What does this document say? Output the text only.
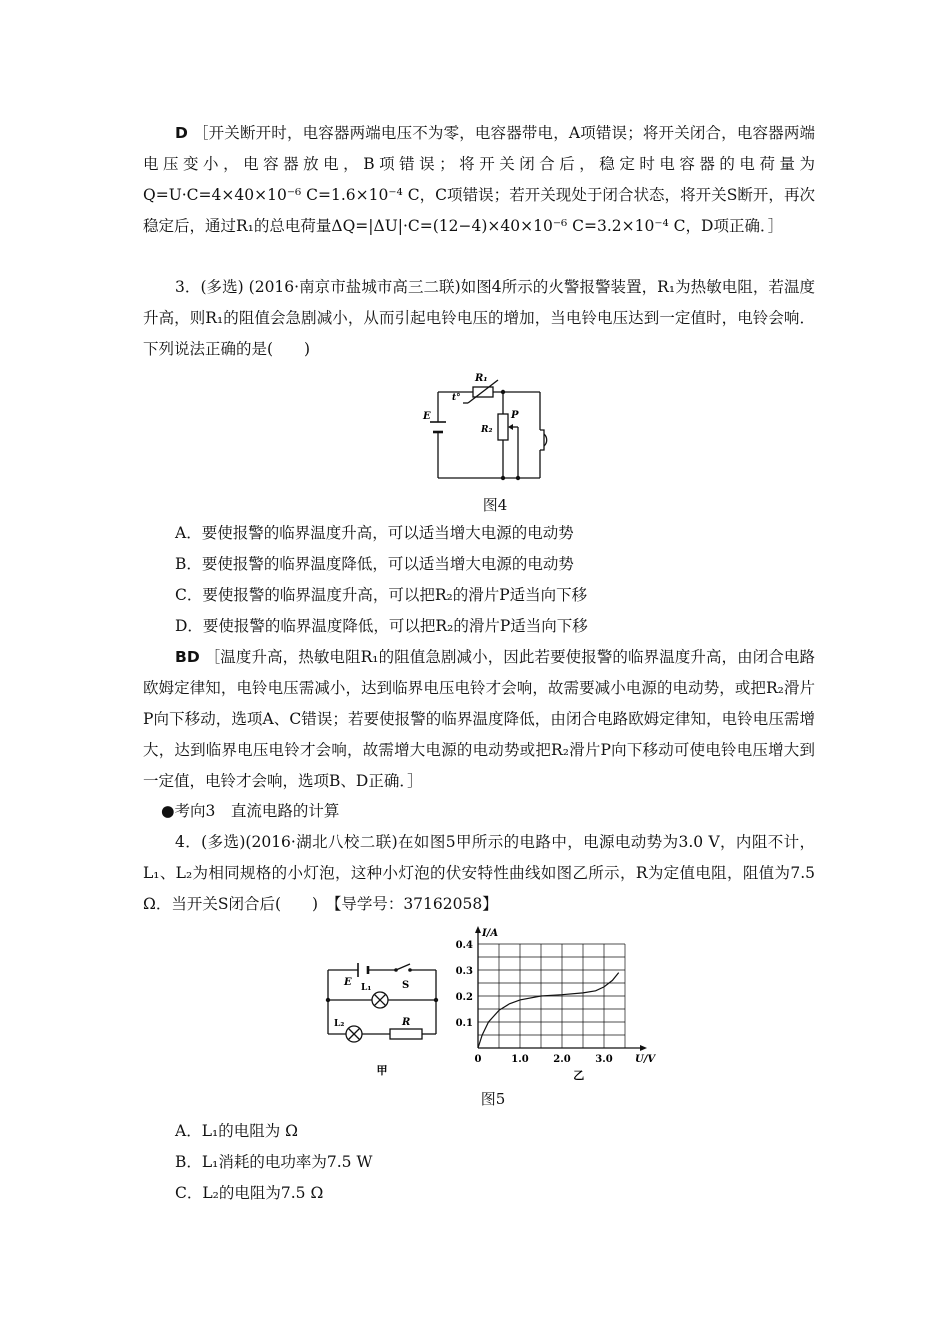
D ［开关断开时，电容器两端电压不为零，电容器带电，A项错误；将开关闭合，电容器两端电压变小，电容器放电，B项错误；将开关闭合后，稳定时电容器的电荷量为Q=U·C=4×40×10⁻⁶ C=1.6×10⁻⁴ C，C项错误；若开关现处于闭合状态，将开关S断开，再次稳定后，通过R₁的总电荷量ΔQ=|ΔU|·C=(12−4)×40×10⁻⁶ C=3.2×10⁻⁴ C，D项正确．］
3．(多选) (2016·南京市盐城市高三二联)如图4所示的火警报警装置，R₁为热敏电阻，若温度升高，则R₁的阻值会急剧减小，从而引起电铃电压的增加，当电铃电压达到一定值时，电铃会响．下列说法正确的是(　　)
R₁
t°
E
R₂
P
图4
A．要使报警的临界温度升高，可以适当增大电源的电动势
B．要使报警的临界温度降低，可以适当增大电源的电动势
C．要使报警的临界温度升高，可以把R₂的滑片P适当向下移
D．要使报警的临界温度降低，可以把R₂的滑片P适当向下移
BD ［温度升高，热敏电阻R₁的阻值急剧减小，因此若要使报警的临界温度升高，由闭合电路欧姆定律知，电铃电压需减小，达到临界电压电铃才会响，故需要减小电源的电动势，或把R₂滑片P向下移动，选项A、C错误；若要使报警的临界温度降低，由闭合电路欧姆定律知，电铃电压需增大，达到临界电压电铃才会响，故需增大电源的电动势或把R₂滑片P向下移动可使电铃电压增大到一定值，电铃才会响，选项B、D正确．］
●考向3　直流电路的计算
4．(多选)(2016·湖北八校二联)在如图5甲所示的电路中，电源电动势为3.0 V，内阻不计，L₁、L₂为相同规格的小灯泡，这种小灯泡的伏安特性曲线如图乙所示，R为定值电阻，阻值为7.5 Ω．当开关S闭合后(　　)　【导学号：37162058】
E	S
L₁
L₂	R
甲
0	1.0 2.0 3.0
0.1
0.2
0.3
0.4
U/V
I/A
乙
图5
A．L₁的电阻为 Ω
B．L₁消耗的电功率为7.5 W
C．L₂的电阻为7.5 Ω
